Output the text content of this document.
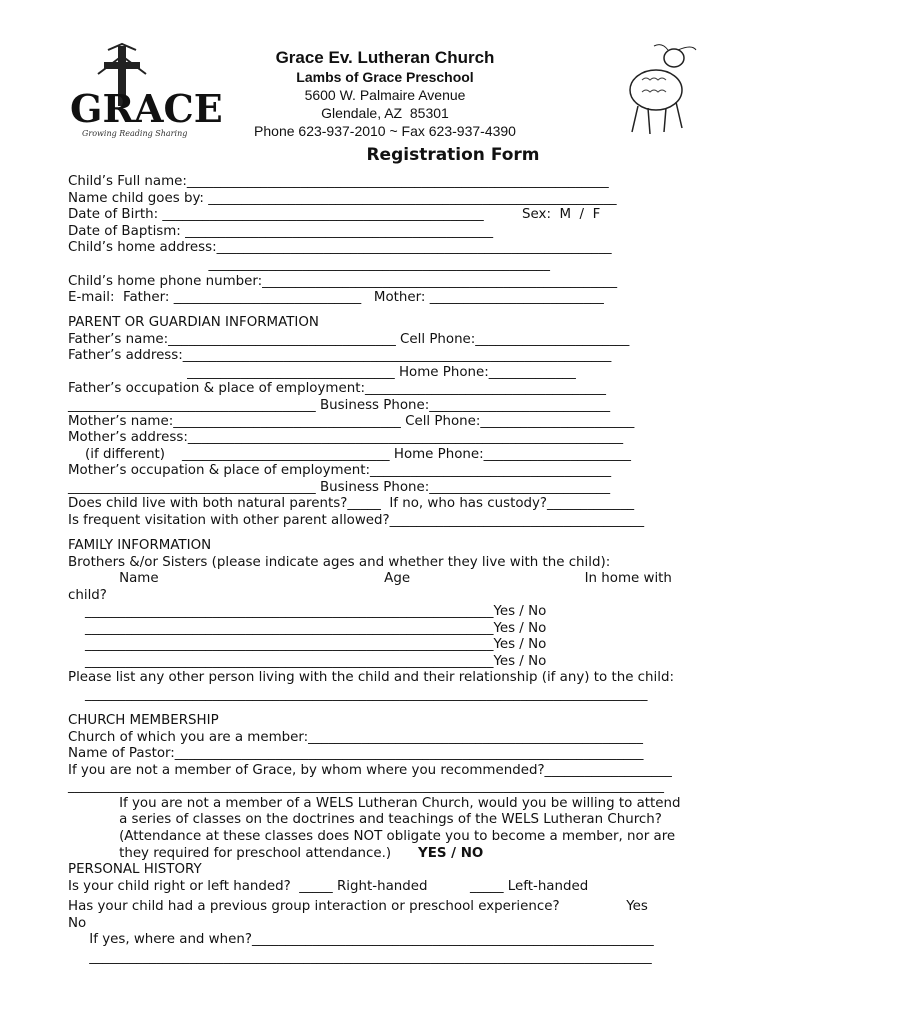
GRACE
Growing Reading Sharing
Grace Ev. Lutheran Church
Lambs of Grace Preschool
5600 W. Palmaire Avenue
Glendale, AZ  85301
Phone 623-937-2010 ~ Fax 623-937-4390
Registration Form
Child’s Full name:_______________________________________________________________
Name child goes by: _____________________________________________________________
Date of Birth: ________________________________________________         Sex:  M  /  F
Date of Baptism: ______________________________________________
Child’s home address:___________________________________________________________
___________________________________________________
Child’s home phone number:_____________________________________________________
E-mail:  Father: ____________________________   Mother: __________________________
PARENT OR GUARDIAN INFORMATION
Father’s name:__________________________________ Cell Phone:_______________________
Father’s address:________________________________________________________________
_______________________________ Home Phone:_____________
Father’s occupation & place of employment:____________________________________
_____________________________________ Business Phone:___________________________
Mother’s name:__________________________________ Cell Phone:_______________________
Mother’s address:_________________________________________________________________
(if different)    _______________________________ Home Phone:______________________
Mother’s occupation & place of employment:____________________________________
_____________________________________ Business Phone:___________________________
Does child live with both natural parents?_____  If no, who has custody?_____________
Is frequent visitation with other parent allowed?______________________________________
FAMILY INFORMATION
Brothers &/or Sisters (please indicate ages and whether they live with the child):
Name                                                     Age                                         In home with
child?
_____________________________________________________________Yes / No
_____________________________________________________________Yes / No
_____________________________________________________________Yes / No
_____________________________________________________________Yes / No
Please list any other person living with the child and their relationship (if any) to the child:
____________________________________________________________________________________
CHURCH MEMBERSHIP
Church of which you are a member:__________________________________________________
Name of Pastor:______________________________________________________________________
If you are not a member of Grace, by whom where you recommended?___________________
_________________________________________________________________________________________
If you are not a member of a WELS Lutheran Church, would you be willing to attend
a series of classes on the doctrines and teachings of the WELS Lutheran Church?
(Attendance at these classes does NOT obligate you to become a member, nor are
they required for preschool attendance.) YES / NO
PERSONAL HISTORY
Is your child right or left handed?  _____ Right-handed          _____ Left-handed
Has your child had a previous group interaction or preschool experience?	Yes
No
If yes, where and when?____________________________________________________________
____________________________________________________________________________________
